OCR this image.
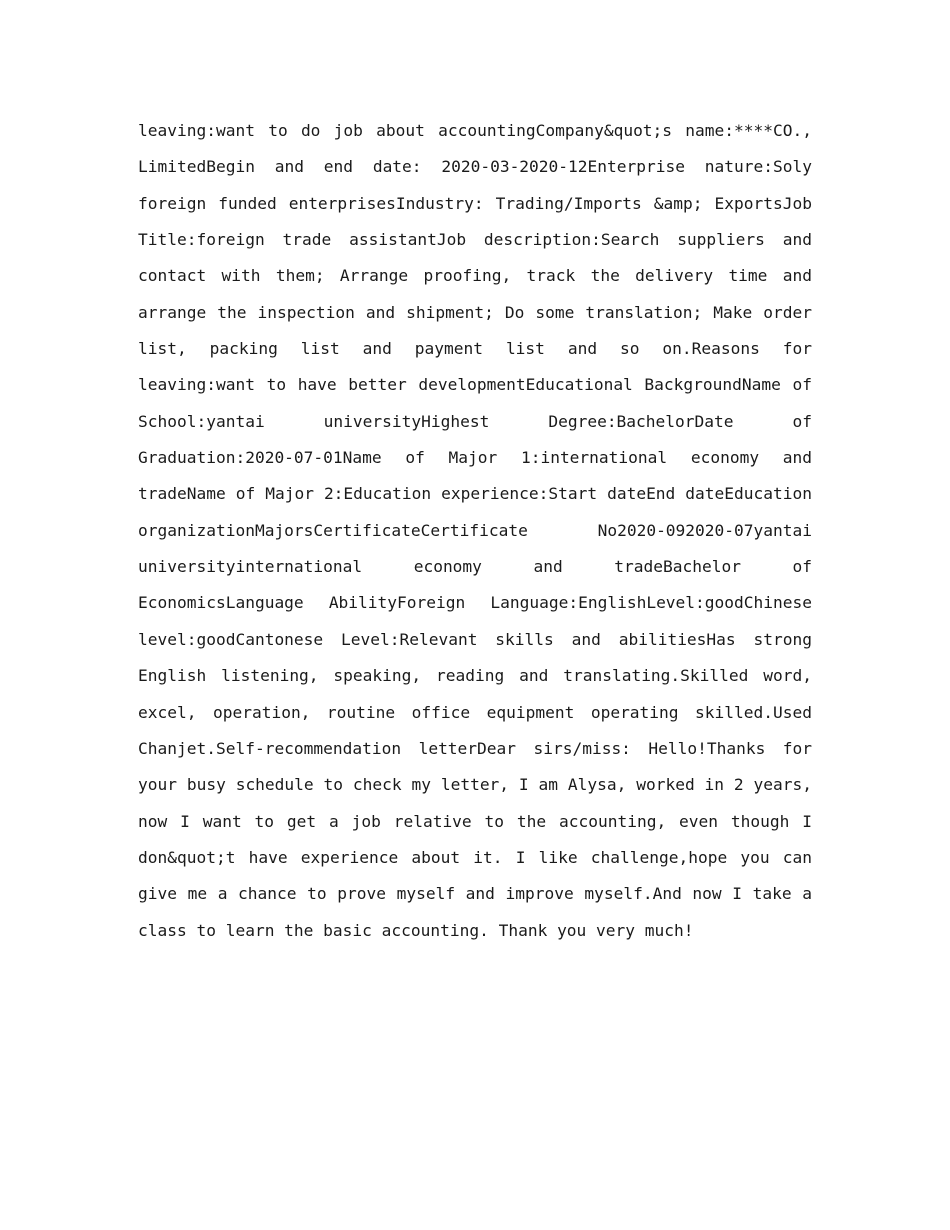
leaving:want to do job about accountingCompany&quot;s name:****CO., LimitedBegin and end date: 2020-03-2020-12Enterprise nature:Soly foreign funded enterprisesIndustry: Trading/Imports &amp; ExportsJob Title:foreign trade assistantJob description:Search suppliers and contact with them; Arrange proofing, track the delivery time and arrange the inspection and shipment; Do some translation; Make order list, packing list and payment list and so on.Reasons for leaving:want to have better developmentEducational BackgroundName of School:yantai universityHighest Degree:BachelorDate of Graduation:2020-07-01Name of Major 1:international economy and tradeName of Major 2:Education experience:Start dateEnd dateEducation organizationMajorsCertificateCertificate No2020-092020-07yantai universityinternational economy and tradeBachelor of EconomicsLanguage AbilityForeign Language:EnglishLevel:goodChinese level:goodCantonese Level:Relevant skills and abilitiesHas strong English listening, speaking, reading and translating.Skilled word, excel, operation, routine office equipment operating skilled.Used Chanjet.Self-recommendation letterDear sirs/miss: Hello!Thanks for your busy schedule to check my letter, I am Alysa, worked in 2 years, now I want to get a job relative to the accounting, even though I don&quot;t have experience about it. I like challenge,hope you can give me a chance to prove myself and improve myself.And now I take a class to learn the basic accounting. Thank you very much!
